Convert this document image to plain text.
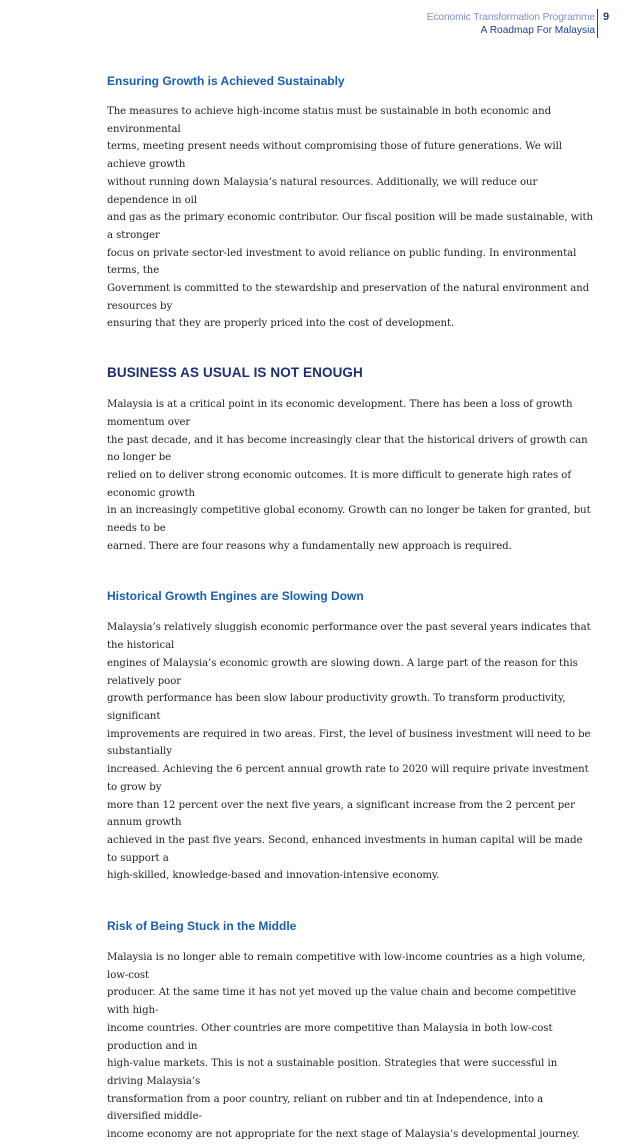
Economic Transformation Programme
A Roadmap For Malaysia
9
Ensuring Growth is Achieved Sustainably

The measures to achieve high-income status must be sustainable in both economic and environmental
terms, meeting present needs without compromising those of future generations. We will achieve growth
without running down Malaysia’s natural resources. Additionally, we will reduce our dependence in oil
and gas as the primary economic contributor. Our fiscal position will be made sustainable, with a stronger
focus on private sector-led investment to avoid reliance on public funding. In environmental terms, the
Government is committed to the stewardship and preservation of the natural environment and resources by
ensuring that they are properly priced into the cost of development.

BUSINESS AS USUAL IS NOT ENOUGH

Malaysia is at a critical point in its economic development. There has been a loss of growth momentum over
the past decade, and it has become increasingly clear that the historical drivers of growth can no longer be
relied on to deliver strong economic outcomes. It is more difficult to generate high rates of economic growth
in an increasingly competitive global economy. Growth can no longer be taken for granted, but needs to be
earned. There are four reasons why a fundamentally new approach is required.

Historical Growth Engines are Slowing Down

Malaysia’s relatively sluggish economic performance over the past several years indicates that the historical
engines of Malaysia’s economic growth are slowing down. A large part of the reason for this relatively poor
growth performance has been slow labour productivity growth. To transform productivity, significant
improvements are required in two areas. First, the level of business investment will need to be substantially
increased. Achieving the 6 percent annual growth rate to 2020 will require private investment to grow by
more than 12 percent over the next five years, a significant increase from the 2 percent per annum growth
achieved in the past five years. Second, enhanced investments in human capital will be made to support a
high-skilled, knowledge-based and innovation-intensive economy.

Risk of Being Stuck in the Middle

Malaysia is no longer able to remain competitive with low-income countries as a high volume, low-cost
producer. At the same time it has not yet moved up the value chain and become competitive with high-
income countries. Other countries are more competitive than Malaysia in both low-cost production and in
high-value markets. This is not a sustainable position. Strategies that were successful in driving Malaysia’s
transformation from a poor country, reliant on rubber and tin at Independence, into a diversified middle-
income economy are not appropriate for the next stage of Malaysia’s developmental journey.
